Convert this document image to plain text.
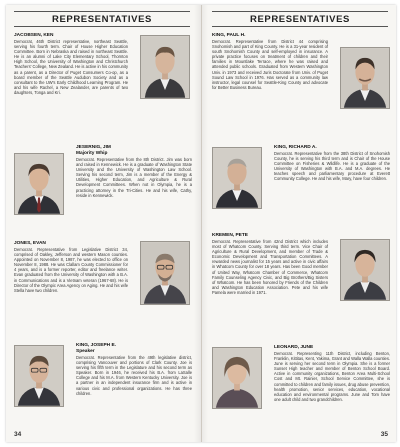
REPRESENTATIVES
JACOBSEN, KEN
Democrat, 46th District representative, northeast Seattle, serving his fourth term. Chair of House Higher Education Committee. Born in Nebraska and raised in northeast Seattle. He is an alumni of Lake City Elementary School, Thornton High School, the University of Washington and Christchurch Teachers' College, New Zealand. He is active in his community as a parent, as a Director of Puget Consumers Co-op, as a board member of the Seattle Audubon Society and as a consultant to the UW's Early Childhood Learning Program. He and his wife Rachel, a New Zealander, are parents of two daughters, Tonga and Kri.
JESERNIG, JIM
Majority Whip
Democrat. Representative from the 8th District. Jim was born and raised in Kennewick. He is a graduate of Washington State University and the University of Washington Law School. Serving his second term, Jim is a member of the Energy & Utilities, Higher Education, and Agriculture & Rural Development Committees. When not in Olympia, he is a practicing attorney in the Tri-Cities. He and his wife, Cathy, reside in Kennewick.
JONES, EVAN
Democrat. Representative from Legislative District 34, comprised of Oakley, Jefferson and western Mason counties. Appointed on November 8, 1987, he was elected to office on November 8, 1988. He was Clallam County Commissioner for 4 years, and is a former reporter, editor and freelance writer. Evan graduated from the University of Washington with a B.A. in Communications and is a Vietnam veteran (1967-68). He is Director of the Olympic Area Agency on Aging. He and his wife Stella have two children.
KING, JOSEPH E.
Speaker
Democrat. Representative from the 49th legislative district, comprising Vancouver and portions of Clark County. Joe is serving his fifth term in the Legislature and his second term as Speaker. Born in 1946, he received his B.A. from LaSalle College and his M.A. from Western Kentucky University. Joe is a partner in an independent insurance firm and is active in various civic and professional organizations. He has three children.
34
REPRESENTATIVES
KING, PAUL H.
Democrat. Representative from District 44 comprising Snohomish and part of King County. He is a 31-year resident of south Snohomish County and self-employed in insurance. A private practice focuses on treatment of children and their families in Mountlake Terrace, where he was raised and attended public schools. Graduated from Western Washington Univ. in 1973 and received Juris Doctorate from Univ. of Puget Sound Law School in 1976. Has served as a community law instructor, legal counsel for Seattle-King County and advocate for Better Business Bureau.
KING, RICHARD A.
Democrat. Representative from the 38th District of Snohomish County, he is serving his third term and is Chair of the House Committee on Fisheries & Wildlife. He is a graduate of the University of Washington with B.A. and M.A. degrees. He teaches speech and parliamentary procedure at Everett Community College. He and his wife, Mary, have four children.
KREMEN, PETE
Democrat. Representative from 42nd District which includes most of Whatcom County. Serving third term. Vice Chair of Agriculture & Rural Development, and member of Trade & Economic Development and Transportation Committees. A rewarded news journalist for 15 years and active in civic affairs in Whatcom County for over 18 years. Has been Good member of United Way, Whatcom Chamber of Commerce, Whatcom Family Counseling Agency Civic, and Big Brothers/Big Sisters of Whatcom. He has been honored by Friends of the Children and Washington Education Association. Pete and his wife Pamela were married in 1971.
LEONARD, JUNE
Democrat. Representing 11th District, including Benton, Franklin, Kittitas, Kent, Yakima, Grant and Walla Walla counties. June is serving her second term in Olympia. She is a former Sunset High teacher and member of Benton School Board. Active in community organizations, Benton Area Multi-School Cost and Mt. Rainier, School Service Committee, she is committed to children and family issues, drug abuse prevention, health promotion, senior services, education, vocational education and environmental programs. June and Tom have one adult child and two grandchildren.
35
